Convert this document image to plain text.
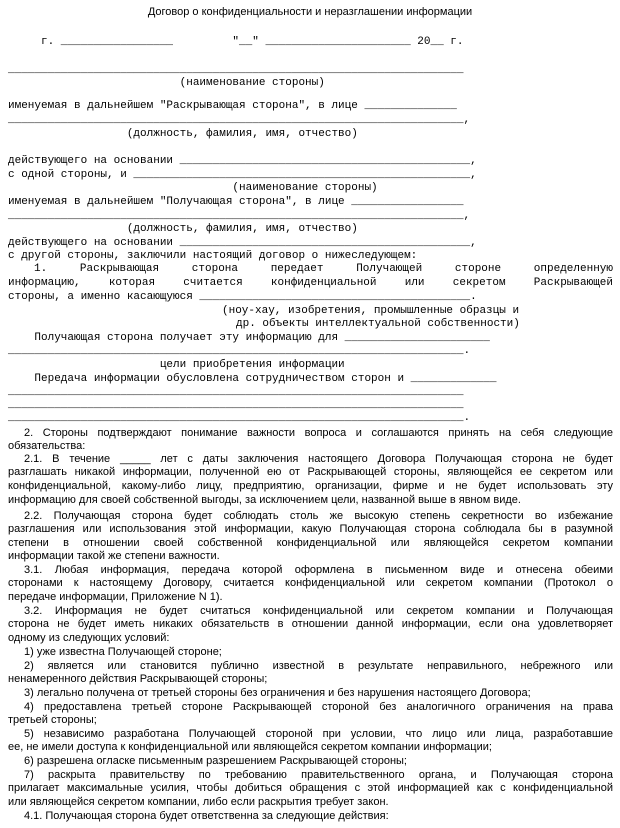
Договор о конфиденциальности и неразглашении информации
г. _________________         "__" ______________________ 20__ г.
_____________________________________________________________________
(наименование стороны)
именуемая в дальнейшем "Раскрывающая сторона", в лице ______________
_____________________________________________________________________,
(должность, фамилия, имя, отчество)
действующего на основании ____________________________________________,
с одной стороны, и ___________________________________________________,
(наименование стороны)
именуемая в дальнейшем "Получающая сторона", в лице _________________
_____________________________________________________________________,
(должность, фамилия, имя, отчество)
действующего на основании ____________________________________________,
с другой стороны, заключили настоящий договор о нижеследующем:
1. Раскрывающая сторона передает Получающей стороне определенную
информацию, которая считается конфиденциальной или секретом Раскрывающей
стороны, а именно касающуюся _________________________________________.
(ноу-хау, изобретения, промышленные образцы и
др. объекты интеллектуальной собственности)
Получающая сторона получает эту информацию для ______________________
_____________________________________________________________________.
цели приобретения информации
Передача информации обусловлена сотрудничеством сторон и _____________
_____________________________________________________________________
_____________________________________________________________________
_____________________________________________________________________.
2. Стороны подтверждают понимание важности вопроса и соглашаются принять на себя следующие
обязательства:
2.1. В течение _____ лет с даты заключения настоящего Договора Получающая сторона не будет
разглашать никакой информации, полученной ею от Раскрывающей стороны, являющейся ее секретом или
конфиденциальной, какому-либо лицу, предприятию, организации, фирме и не будет использовать эту
информацию для своей собственной выгоды, за исключением цели, названной выше в явном виде.
2.2. Получающая сторона будет соблюдать столь же высокую степень секретности во избежание
разглашения или использования этой информации, какую Получающая сторона соблюдала бы в разумной
степени в отношении своей собственной конфиденциальной или являющейся секретом компании
информации такой же степени важности.
3.1. Любая информация, передача которой оформлена в письменном виде и отнесена обеими
сторонами к настоящему Договору, считается конфиденциальной или секретом компании (Протокол о
передаче информации, Приложение N 1).
3.2. Информация не будет считаться конфиденциальной или секретом компании и Получающая
сторона не будет иметь никаких обязательств в отношении данной информации, если она удовлетворяет
одному из следующих условий:
1) уже известна Получающей стороне;
2) является или становится публично известной в результате неправильного, небрежного или
ненамеренного действия Раскрывающей стороны;
3) легально получена от третьей стороны без ограничения и без нарушения настоящего Договора;
4) предоставлена третьей стороне Раскрывающей стороной без аналогичного ограничения на права
третьей стороны;
5) независимо разработана Получающей стороной при условии, что лицо или лица, разработавшие
ее, не имели доступа к конфиденциальной или являющейся секретом компании информации;
6) разрешена огласке письменным разрешением Раскрывающей стороны;
7) раскрыта правительству по требованию правительственного органа, и Получающая сторона
прилагает максимальные усилия, чтобы добиться обращения с этой информацией как с конфиденциальной
или являющейся секретом компании, либо если раскрытия требует закон.
4.1. Получающая сторона будет ответственна за следующие действия:
